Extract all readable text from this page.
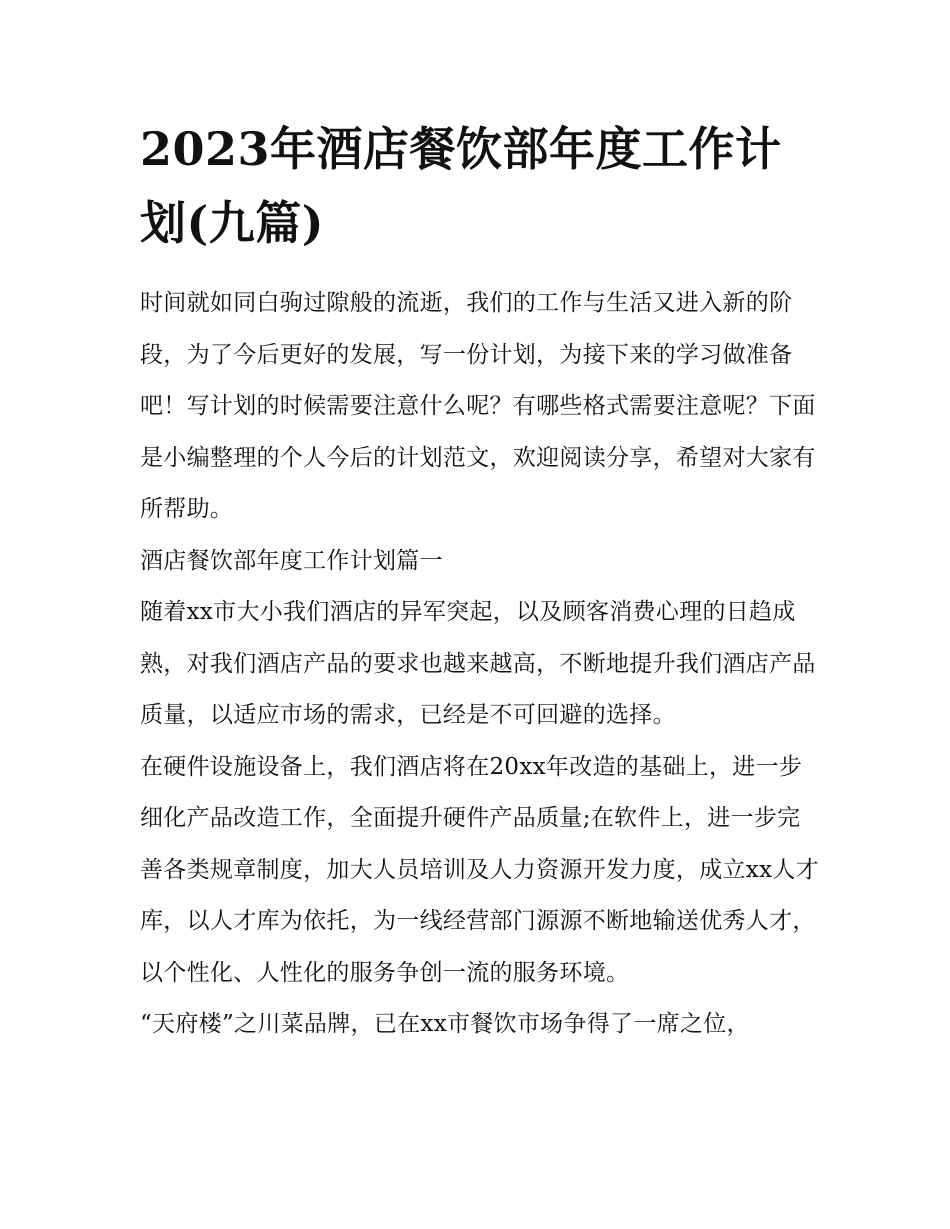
2023年酒店餐饮部年度工作计划(九篇)

时间就如同白驹过隙般的流逝，我们的工作与生活又进入新的阶段，为了今后更好的发展，写一份计划，为接下来的学习做准备吧！写计划的时候需要注意什么呢？有哪些格式需要注意呢？下面是小编整理的个人今后的计划范文，欢迎阅读分享，希望对大家有所帮助。

酒店餐饮部年度工作计划篇一

随着xx市大小我们酒店的异军突起，以及顾客消费心理的日趋成熟，对我们酒店产品的要求也越来越高，不断地提升我们酒店产品质量，以适应市场的需求，已经是不可回避的选择。

在硬件设施设备上，我们酒店将在20xx年改造的基础上，进一步细化产品改造工作，全面提升硬件产品质量;在软件上，进一步完善各类规章制度，加大人员培训及人力资源开发力度，成立xx人才库，以人才库为依托，为一线经营部门源源不断地输送优秀人才，以个性化、人性化的服务争创一流的服务环境。

“天府楼”之川菜品牌，已在xx市餐饮市场争得了一席之位，
